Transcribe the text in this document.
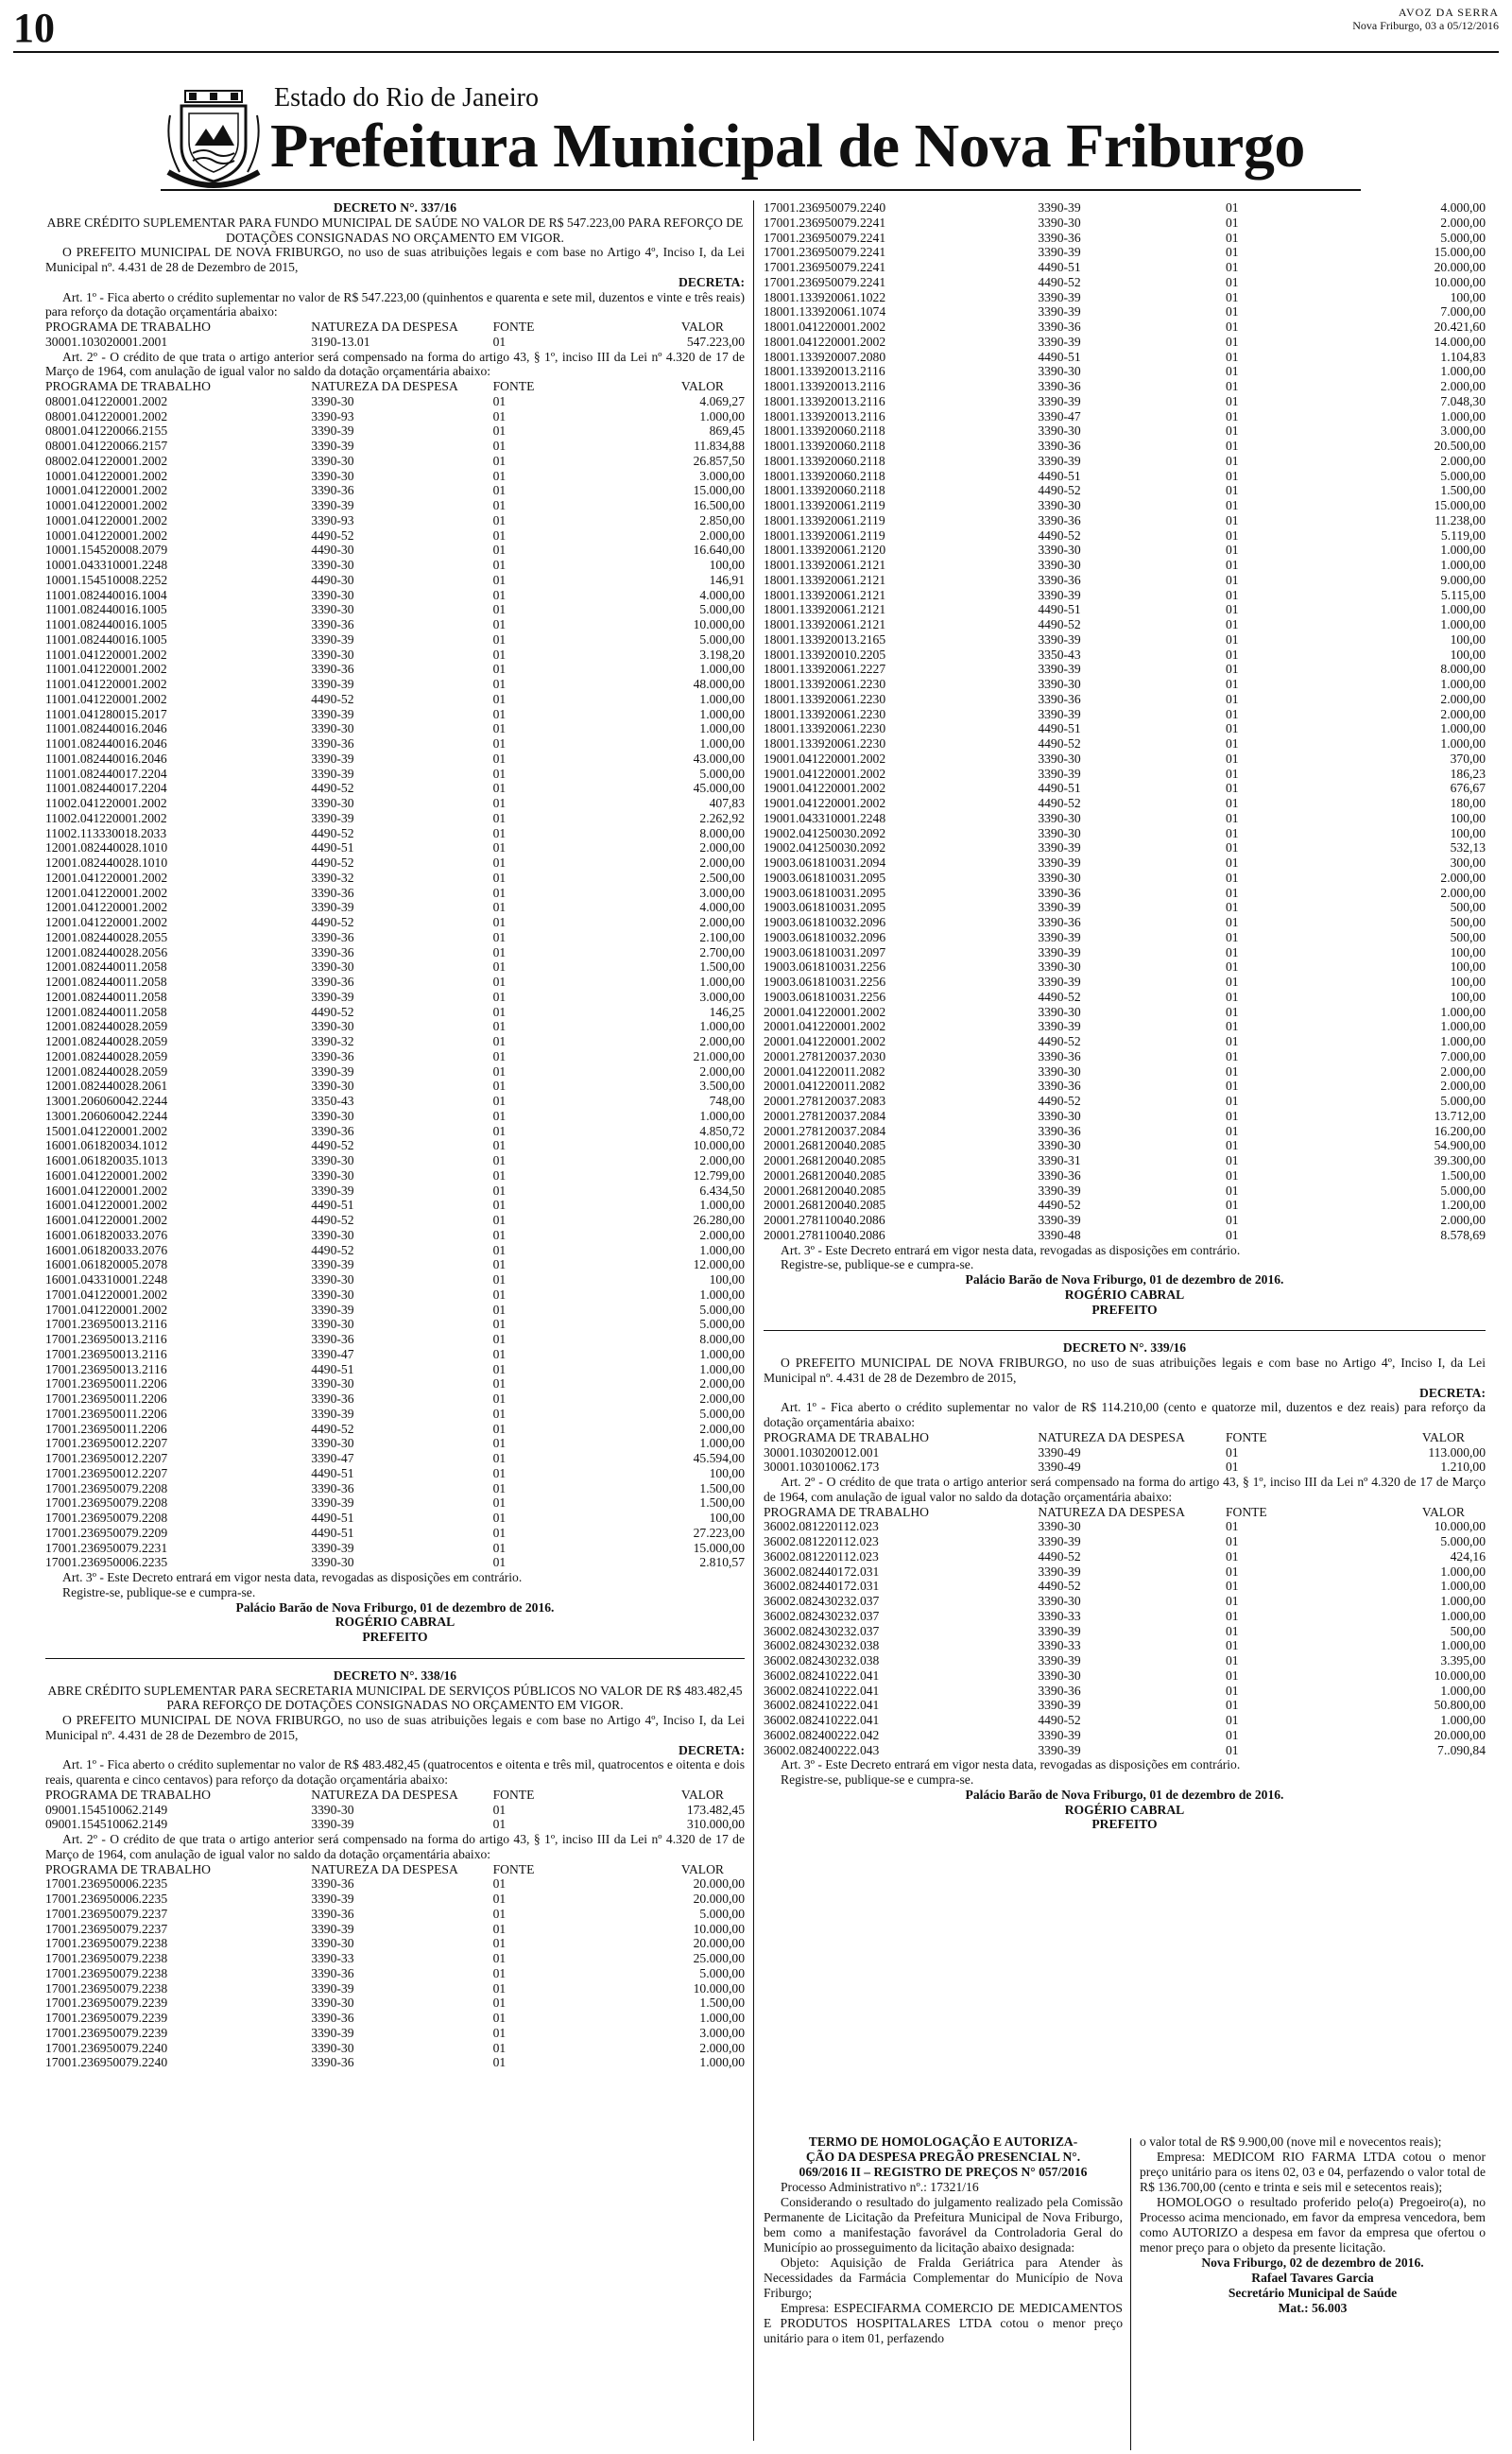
10	AVOZ DA SERRA
Nova Friburgo, 03 a 05/12/2016
Estado do Rio de Janeiro
Prefeitura Municipal de Nova Friburgo
DECRETO N°. 337/16
ABRE CRÉDITO SUPLEMENTAR PARA FUNDO MUNICIPAL DE SAÚDE NO VALOR DE R$ 547.223,00 PARA REFORÇO DE DOTAÇÕES CONSIGNADAS NO ORÇAMENTO EM VIGOR.
O PREFEITO MUNICIPAL DE NOVA FRIBURGO, no uso de suas atribuições legais e com base no Artigo 4º, Inciso I, da Lei Municipal nº. 4.431 de 28 de Dezembro de 2015,
DECRETA:
Art. 1º - Fica aberto o crédito suplementar no valor de R$ 547.223,00 (quinhentos e quarenta e sete mil, duzentos e vinte e três reais) para reforço da dotação orçamentária abaixo:
PROGRAMA DE TRABALHO	NATUREZA DA DESPESA	FONTE	VALOR
30001.103020001.2001	3190-13.01	01	547.223,00
Art. 2º - O crédito de que trata o artigo anterior será compensado na forma do artigo 43, § 1º, inciso III da Lei nº 4.320 de 17 de Março de 1964, com anulação de igual valor no saldo da dotação orçamentária abaixo:
PROGRAMA DE TRABALHO	NATUREZA DA DESPESA	FONTE	VALOR
08001.041220001.2002	3390-30	01	4.069,27
08001.041220001.2002	3390-93	01	1.000,00
08001.041220066.2155	3390-39	01	869,45
08001.041220066.2157	3390-39	01	11.834,88
08002.041220001.2002	3390-30	01	26.857,50
10001.041220001.2002	3390-30	01	3.000,00
10001.041220001.2002	3390-36	01	15.000,00
10001.041220001.2002	3390-39	01	16.500,00
10001.041220001.2002	3390-93	01	2.850,00
10001.041220001.2002	4490-52	01	2.000,00
10001.154520008.2079	4490-30	01	16.640,00
10001.043310001.2248	3390-30	01	100,00
10001.154510008.2252	4490-30	01	146,91
11001.082440016.1004	3390-30	01	4.000,00
11001.082440016.1005	3390-30	01	5.000,00
11001.082440016.1005	3390-36	01	10.000,00
11001.082440016.1005	3390-39	01	5.000,00
11001.041220001.2002	3390-30	01	3.198,20
11001.041220001.2002	3390-36	01	1.000,00
11001.041220001.2002	3390-39	01	48.000,00
11001.041220001.2002	4490-52	01	1.000,00
11001.041280015.2017	3390-39	01	1.000,00
11001.082440016.2046	3390-30	01	1.000,00
11001.082440016.2046	3390-36	01	1.000,00
11001.082440016.2046	3390-39	01	43.000,00
11001.082440017.2204	3390-39	01	5.000,00
11001.082440017.2204	4490-52	01	45.000,00
11002.041220001.2002	3390-30	01	407,83
11002.041220001.2002	3390-39	01	2.262,92
11002.113330018.2033	4490-52	01	8.000,00
12001.082440028.1010	4490-51	01	2.000,00
12001.082440028.1010	4490-52	01	2.000,00
12001.041220001.2002	3390-32	01	2.500,00
12001.041220001.2002	3390-36	01	3.000,00
12001.041220001.2002	3390-39	01	4.000,00
12001.041220001.2002	4490-52	01	2.000,00
12001.082440028.2055	3390-36	01	2.100,00
12001.082440028.2056	3390-36	01	2.700,00
12001.082440011.2058	3390-30	01	1.500,00
12001.082440011.2058	3390-36	01	1.000,00
12001.082440011.2058	3390-39	01	3.000,00
12001.082440011.2058	4490-52	01	146,25
12001.082440028.2059	3390-30	01	1.000,00
12001.082440028.2059	3390-32	01	2.000,00
12001.082440028.2059	3390-36	01	21.000,00
12001.082440028.2059	3390-39	01	2.000,00
12001.082440028.2061	3390-30	01	3.500,00
13001.206060042.2244	3350-43	01	748,00
13001.206060042.2244	3390-30	01	1.000,00
15001.041220001.2002	3390-36	01	4.850,72
16001.061820034.1012	4490-52	01	10.000,00
16001.061820035.1013	3390-30	01	2.000,00
16001.041220001.2002	3390-30	01	12.799,00
16001.041220001.2002	3390-39	01	6.434,50
16001.041220001.2002	4490-51	01	1.000,00
16001.041220001.2002	4490-52	01	26.280,00
16001.061820033.2076	3390-30	01	2.000,00
16001.061820033.2076	4490-52	01	1.000,00
16001.061820005.2078	3390-39	01	12.000,00
16001.043310001.2248	3390-30	01	100,00
17001.041220001.2002	3390-30	01	1.000,00
17001.041220001.2002	3390-39	01	5.000,00
17001.236950013.2116	3390-30	01	5.000,00
17001.236950013.2116	3390-36	01	8.000,00
17001.236950013.2116	3390-47	01	1.000,00
17001.236950013.2116	4490-51	01	1.000,00
17001.236950011.2206	3390-30	01	2.000,00
17001.236950011.2206	3390-36	01	2.000,00
17001.236950011.2206	3390-39	01	5.000,00
17001.236950011.2206	4490-52	01	2.000,00
17001.236950012.2207	3390-30	01	1.000,00
17001.236950012.2207	3390-47	01	45.594,00
17001.236950012.2207	4490-51	01	100,00
17001.236950079.2208	3390-36	01	1.500,00
17001.236950079.2208	3390-39	01	1.500,00
17001.236950079.2208	4490-51	01	100,00
17001.236950079.2209	4490-51	01	27.223,00
17001.236950079.2231	3390-39	01	15.000,00
17001.236950006.2235	3390-30	01	2.810,57
Art. 3º - Este Decreto entrará em vigor nesta data, revogadas as disposições em contrário.
Registre-se, publique-se e cumpra-se.
Palácio Barão de Nova Friburgo, 01 de dezembro de 2016.
ROGÉRIO CABRAL
PREFEITO
DECRETO N°. 338/16
ABRE CRÉDITO SUPLEMENTAR PARA SECRETARIA MUNICIPAL DE SERVIÇOS PÚBLICOS NO VALOR DE R$ 483.482,45 PARA REFORÇO DE DOTAÇÕES CONSIGNADAS NO ORÇAMENTO EM VIGOR.
O PREFEITO MUNICIPAL DE NOVA FRIBURGO, no uso de suas atribuições legais e com base no Artigo 4º, Inciso I, da Lei Municipal nº. 4.431 de 28 de Dezembro de 2015,
DECRETA:
Art. 1º - Fica aberto o crédito suplementar no valor de R$ 483.482,45 (quatrocentos e oitenta e três mil, quatrocentos e oitenta e dois reais, quarenta e cinco centavos) para reforço da dotação orçamentária abaixo:
PROGRAMA DE TRABALHO	NATUREZA DA DESPESA	FONTE	VALOR
09001.154510062.2149	3390-30	01	173.482,45
09001.154510062.2149	3390-39	01	310.000,00
Art. 2º - O crédito de que trata o artigo anterior será compensado na forma do artigo 43, § 1º, inciso III da Lei nº 4.320 de 17 de Março de 1964, com anulação de igual valor no saldo da dotação orçamentária abaixo:
PROGRAMA DE TRABALHO	NATUREZA DA DESPESA	FONTE	VALOR
17001.236950006.2235	3390-36	01	20.000,00
17001.236950006.2235	3390-39	01	20.000,00
17001.236950079.2237	3390-36	01	5.000,00
17001.236950079.2237	3390-39	01	10.000,00
17001.236950079.2238	3390-30	01	20.000,00
17001.236950079.2238	3390-33	01	25.000,00
17001.236950079.2238	3390-36	01	5.000,00
17001.236950079.2238	3390-39	01	10.000,00
17001.236950079.2239	3390-30	01	1.500,00
17001.236950079.2239	3390-36	01	1.000,00
17001.236950079.2239	3390-39	01	3.000,00
17001.236950079.2240	3390-30	01	2.000,00
17001.236950079.2240	3390-36	01	1.000,00
17001.236950079.2240	3390-39	01	4.000,00
17001.236950079.2241	3390-30	01	2.000,00
17001.236950079.2241	3390-36	01	5.000,00
17001.236950079.2241	3390-39	01	15.000,00
17001.236950079.2241	4490-51	01	20.000,00
17001.236950079.2241	4490-52	01	10.000,00
18001.133920061.1022	3390-39	01	100,00
18001.133920061.1074	3390-39	01	7.000,00
18001.041220001.2002	3390-36	01	20.421,60
18001.041220001.2002	3390-39	01	14.000,00
18001.133920007.2080	4490-51	01	1.104,83
18001.133920013.2116	3390-30	01	1.000,00
18001.133920013.2116	3390-36	01	2.000,00
18001.133920013.2116	3390-39	01	7.048,30
18001.133920013.2116	3390-47	01	1.000,00
18001.133920060.2118	3390-30	01	3.000,00
18001.133920060.2118	3390-36	01	20.500,00
18001.133920060.2118	3390-39	01	2.000,00
18001.133920060.2118	4490-51	01	5.000,00
18001.133920060.2118	4490-52	01	1.500,00
18001.133920061.2119	3390-30	01	15.000,00
18001.133920061.2119	3390-36	01	11.238,00
18001.133920061.2119	4490-52	01	5.119,00
18001.133920061.2120	3390-30	01	1.000,00
18001.133920061.2121	3390-30	01	1.000,00
18001.133920061.2121	3390-36	01	9.000,00
18001.133920061.2121	3390-39	01	5.115,00
18001.133920061.2121	4490-51	01	1.000,00
18001.133920061.2121	4490-52	01	1.000,00
18001.133920013.2165	3390-39	01	100,00
18001.133920010.2205	3350-43	01	100,00
18001.133920061.2227	3390-39	01	8.000,00
18001.133920061.2230	3390-30	01	1.000,00
18001.133920061.2230	3390-36	01	2.000,00
18001.133920061.2230	3390-39	01	2.000,00
18001.133920061.2230	4490-51	01	1.000,00
18001.133920061.2230	4490-52	01	1.000,00
19001.041220001.2002	3390-30	01	370,00
19001.041220001.2002	3390-39	01	186,23
19001.041220001.2002	4490-51	01	676,67
19001.041220001.2002	4490-52	01	180,00
19001.043310001.2248	3390-30	01	100,00
19002.041250030.2092	3390-30	01	100,00
19002.041250030.2092	3390-39	01	532,13
19003.061810031.2094	3390-39	01	300,00
19003.061810031.2095	3390-30	01	2.000,00
19003.061810031.2095	3390-36	01	2.000,00
19003.061810031.2095	3390-39	01	500,00
19003.061810032.2096	3390-36	01	500,00
19003.061810032.2096	3390-39	01	500,00
19003.061810031.2097	3390-39	01	100,00
19003.061810031.2256	3390-30	01	100,00
19003.061810031.2256	3390-39	01	100,00
19003.061810031.2256	4490-52	01	100,00
20001.041220001.2002	3390-30	01	1.000,00
20001.041220001.2002	3390-39	01	1.000,00
20001.041220001.2002	4490-52	01	1.000,00
20001.278120037.2030	3390-36	01	7.000,00
20001.041220011.2082	3390-30	01	2.000,00
20001.041220011.2082	3390-36	01	2.000,00
20001.278120037.2083	4490-52	01	5.000,00
20001.278120037.2084	3390-30	01	13.712,00
20001.278120037.2084	3390-36	01	16.200,00
20001.268120040.2085	3390-30	01	54.900,00
20001.268120040.2085	3390-31	01	39.300,00
20001.268120040.2085	3390-36	01	1.500,00
20001.268120040.2085	3390-39	01	5.000,00
20001.268120040.2085	4490-52	01	1.200,00
20001.278110040.2086	3390-39	01	2.000,00
20001.278110040.2086	3390-48	01	8.578,69
Art. 3º - Este Decreto entrará em vigor nesta data, revogadas as disposições em contrário.
Registre-se, publique-se e cumpra-se.
Palácio Barão de Nova Friburgo, 01 de dezembro de 2016.
ROGÉRIO CABRAL
PREFEITO
DECRETO N°. 339/16
O PREFEITO MUNICIPAL DE NOVA FRIBURGO, no uso de suas atribuições legais e com base no Artigo 4º, Inciso I, da Lei Municipal nº. 4.431 de 28 de Dezembro de 2015,
DECRETA:
Art. 1º - Fica aberto o crédito suplementar no valor de R$ 114.210,00 (cento e quatorze mil, duzentos e dez reais) para reforço da dotação orçamentária abaixo:
PROGRAMA DE TRABALHO	NATUREZA DA DESPESA	FONTE	VALOR
30001.103020012.001	3390-49	01	113.000,00
30001.103010062.173	3390-49	01	1.210,00
Art. 2º - O crédito de que trata o artigo anterior será compensado na forma do artigo 43, § 1º, inciso III da Lei nº 4.320 de 17 de Março de 1964, com anulação de igual valor no saldo da dotação orçamentária abaixo:
PROGRAMA DE TRABALHO	NATUREZA DA DESPESA	FONTE	VALOR
36002.081220112.023	3390-30	01	10.000,00
36002.081220112.023	3390-39	01	5.000,00
36002.081220112.023	4490-52	01	424,16
36002.082440172.031	3390-39	01	1.000,00
36002.082440172.031	4490-52	01	1.000,00
36002.082430232.037	3390-30	01	1.000,00
36002.082430232.037	3390-33	01	1.000,00
36002.082430232.037	3390-39	01	500,00
36002.082430232.038	3390-33	01	1.000,00
36002.082430232.038	3390-39	01	3.395,00
36002.082410222.041	3390-30	01	10.000,00
36002.082410222.041	3390-36	01	1.000,00
36002.082410222.041	3390-39	01	50.800,00
36002.082410222.041	4490-52	01	1.000,00
36002.082400222.042	3390-39	01	20.000,00
36002.082400222.043	3390-39	01	7..090,84
Art. 3º - Este Decreto entrará em vigor nesta data, revogadas as disposições em contrário.
Registre-se, publique-se e cumpra-se.
Palácio Barão de Nova Friburgo, 01 de dezembro de 2016.
ROGÉRIO CABRAL
PREFEITO
TERMO DE HOMOLOGAÇÃO E AUTORIZA-
ÇÃO DA DESPESA PREGÃO PRESENCIAL N°.
069/2016 II – REGISTRO DE PREÇOS N° 057/2016
Processo Administrativo nº.: 17321/16
Considerando o resultado do julgamento realizado pela Comissão Permanente de Licitação da Prefeitura Municipal de Nova Friburgo, bem como a manifestação favorável da Controladoria Geral do Município ao prosseguimento da licitação abaixo designada:
Objeto: Aquisição de Fralda Geriátrica para Atender às Necessidades da Farmácia Complementar do Município de Nova Friburgo;
Empresa: ESPECIFARMA COMERCIO DE MEDICAMENTOS E PRODUTOS HOSPITALARES LTDA cotou o menor preço unitário para o item 01, perfazendo
o valor total de R$ 9.900,00 (nove mil e novecentos reais);
Empresa: MEDICOM RIO FARMA LTDA cotou o menor preço unitário para os itens 02, 03 e 04, perfazendo o valor total de R$ 136.700,00 (cento e trinta e seis mil e setecentos reais);
HOMOLOGO o resultado proferido pelo(a) Pregoeiro(a), no Processo acima mencionado, em favor da empresa vencedora, bem como AUTORIZO a despesa em favor da empresa que ofertou o menor preço para o objeto da presente licitação.
Nova Friburgo, 02 de dezembro de 2016.
Rafael Tavares Garcia
Secretário Municipal de Saúde
Mat.: 56.003
